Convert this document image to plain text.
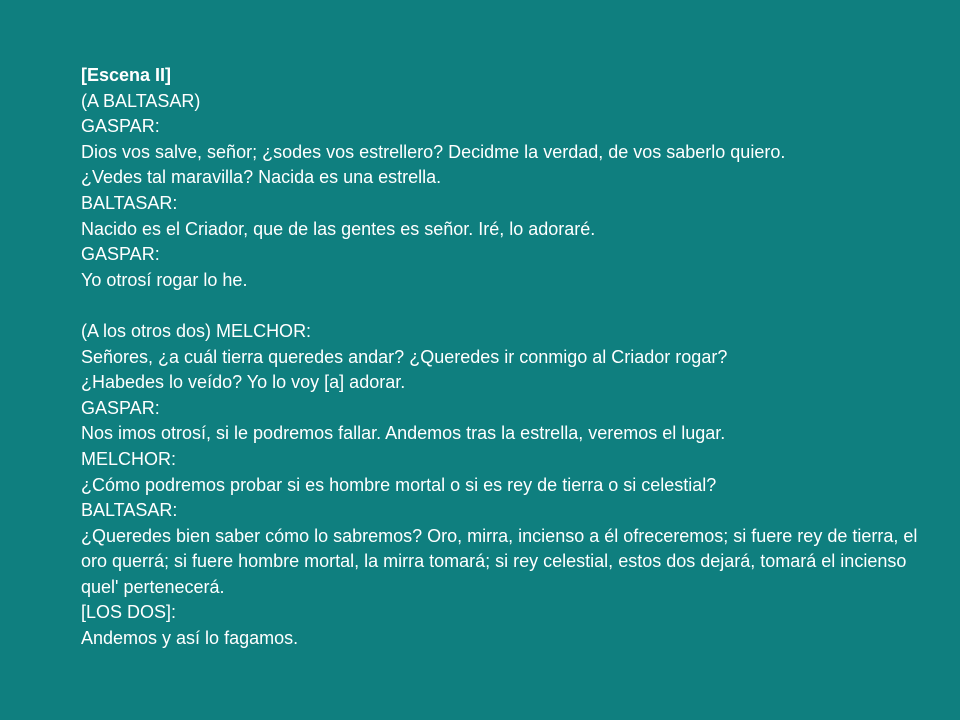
[Escena II]

(A BALTASAR)

GASPAR:

Dios vos salve, señor; ¿sodes vos estrellero? Decidme la verdad, de vos saberlo quiero.

¿Vedes tal maravilla? Nacida es una estrella.

BALTASAR:

Nacido es el Criador, que de las gentes es señor. Iré, lo adoraré.

GASPAR:

Yo otrosí rogar lo he.

(A los otros dos) MELCHOR:

Señores, ¿a cuál tierra queredes andar? ¿Queredes ir conmigo al Criador rogar?

¿Habedes lo veído? Yo lo voy [a] adorar.

GASPAR:

Nos imos otrosí, si le podremos fallar. Andemos tras la estrella, veremos el lugar.

MELCHOR:

¿Cómo podremos probar si es hombre mortal o si es rey de tierra o si celestial?

BALTASAR:

¿Queredes bien saber cómo lo sabremos? Oro, mirra, incienso a él ofreceremos; si fuere rey de tierra, el oro querrá; si fuere hombre mortal, la mirra tomará; si rey celestial, estos dos dejará, tomará el incienso quel' pertenecerá.

[LOS DOS]:

Andemos y así lo fagamos.
